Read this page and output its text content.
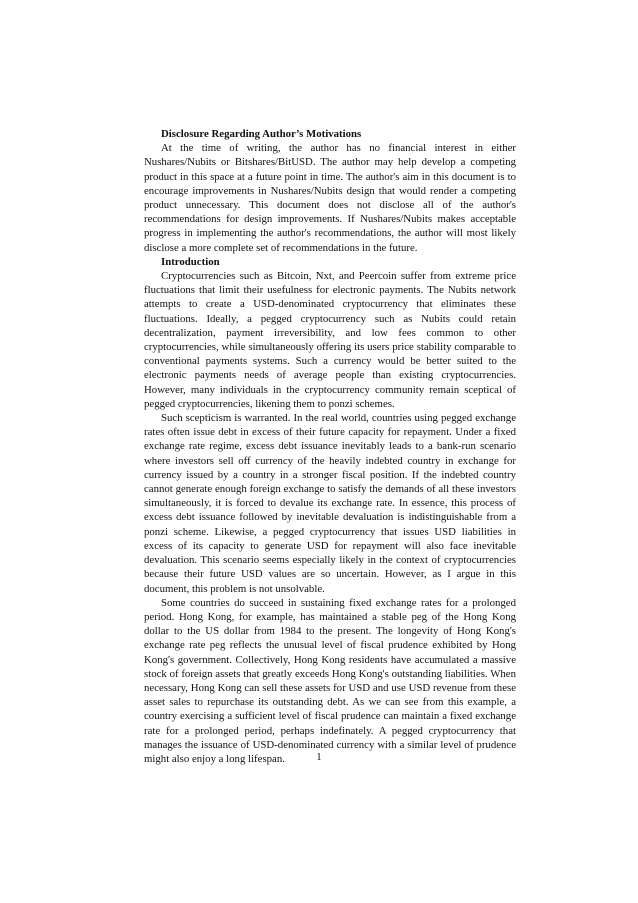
Disclosure Regarding Author’s Motivations

At the time of writing, the author has no financial interest in either Nushares/Nubits or Bitshares/BitUSD. The author may help develop a competing product in this space at a future point in time. The author's aim in this document is to encourage improvements in Nushares/Nubits design that would render a competing product unnecessary. This document does not disclose all of the author's recommendations for design improvements. If Nushares/Nubits makes acceptable progress in implementing the author's recommendations, the author will most likely disclose a more complete set of recommendations in the future.

Introduction

Cryptocurrencies such as Bitcoin, Nxt, and Peercoin suffer from extreme price fluctuations that limit their usefulness for electronic payments. The Nubits network attempts to create a USD-denominated cryptocurrency that eliminates these fluctuations. Ideally, a pegged cryptocurrency such as Nubits could retain decentralization, payment irreversibility, and low fees common to other cryptocurrencies, while simultaneously offering its users price stability comparable to conventional payments systems. Such a currency would be better suited to the electronic payments needs of average people than existing cryptocurrencies. However, many individuals in the cryptocurrency community remain sceptical of pegged cryptocurrencies, likening them to ponzi schemes.

Such scepticism is warranted. In the real world, countries using pegged exchange rates often issue debt in excess of their future capacity for repayment. Under a fixed exchange rate regime, excess debt issuance inevitably leads to a bank-run scenario where investors sell off currency of the heavily indebted country in exchange for currency issued by a country in a stronger fiscal position. If the indebted country cannot generate enough foreign exchange to satisfy the demands of all these investors simultaneously, it is forced to devalue its exchange rate. In essence, this process of excess debt issuance followed by inevitable devaluation is indistinguishable from a ponzi scheme. Likewise, a pegged cryptocurrency that issues USD liabilities in excess of its capacity to generate USD for repayment will also face inevitable devaluation. This scenario seems especially likely in the context of cryptocurrencies because their future USD values are so uncertain. However, as I argue in this document, this problem is not unsolvable.

Some countries do succeed in sustaining fixed exchange rates for a prolonged period. Hong Kong, for example, has maintained a stable peg of the Hong Kong dollar to the US dollar from 1984 to the present. The longevity of Hong Kong's exchange rate peg reflects the unusual level of fiscal prudence exhibited by Hong Kong's government. Collectively, Hong Kong residents have accumulated a massive stock of foreign assets that greatly exceeds Hong Kong's outstanding liabilities. When necessary, Hong Kong can sell these assets for USD and use USD revenue from these asset sales to repurchase its outstanding debt. As we can see from this example, a country exercising a sufficient level of fiscal prudence can maintain a fixed exchange rate for a prolonged period, perhaps indefinately. A pegged cryptocurrency that manages the issuance of USD-denominated currency with a similar level of prudence might also enjoy a long lifespan.	1
